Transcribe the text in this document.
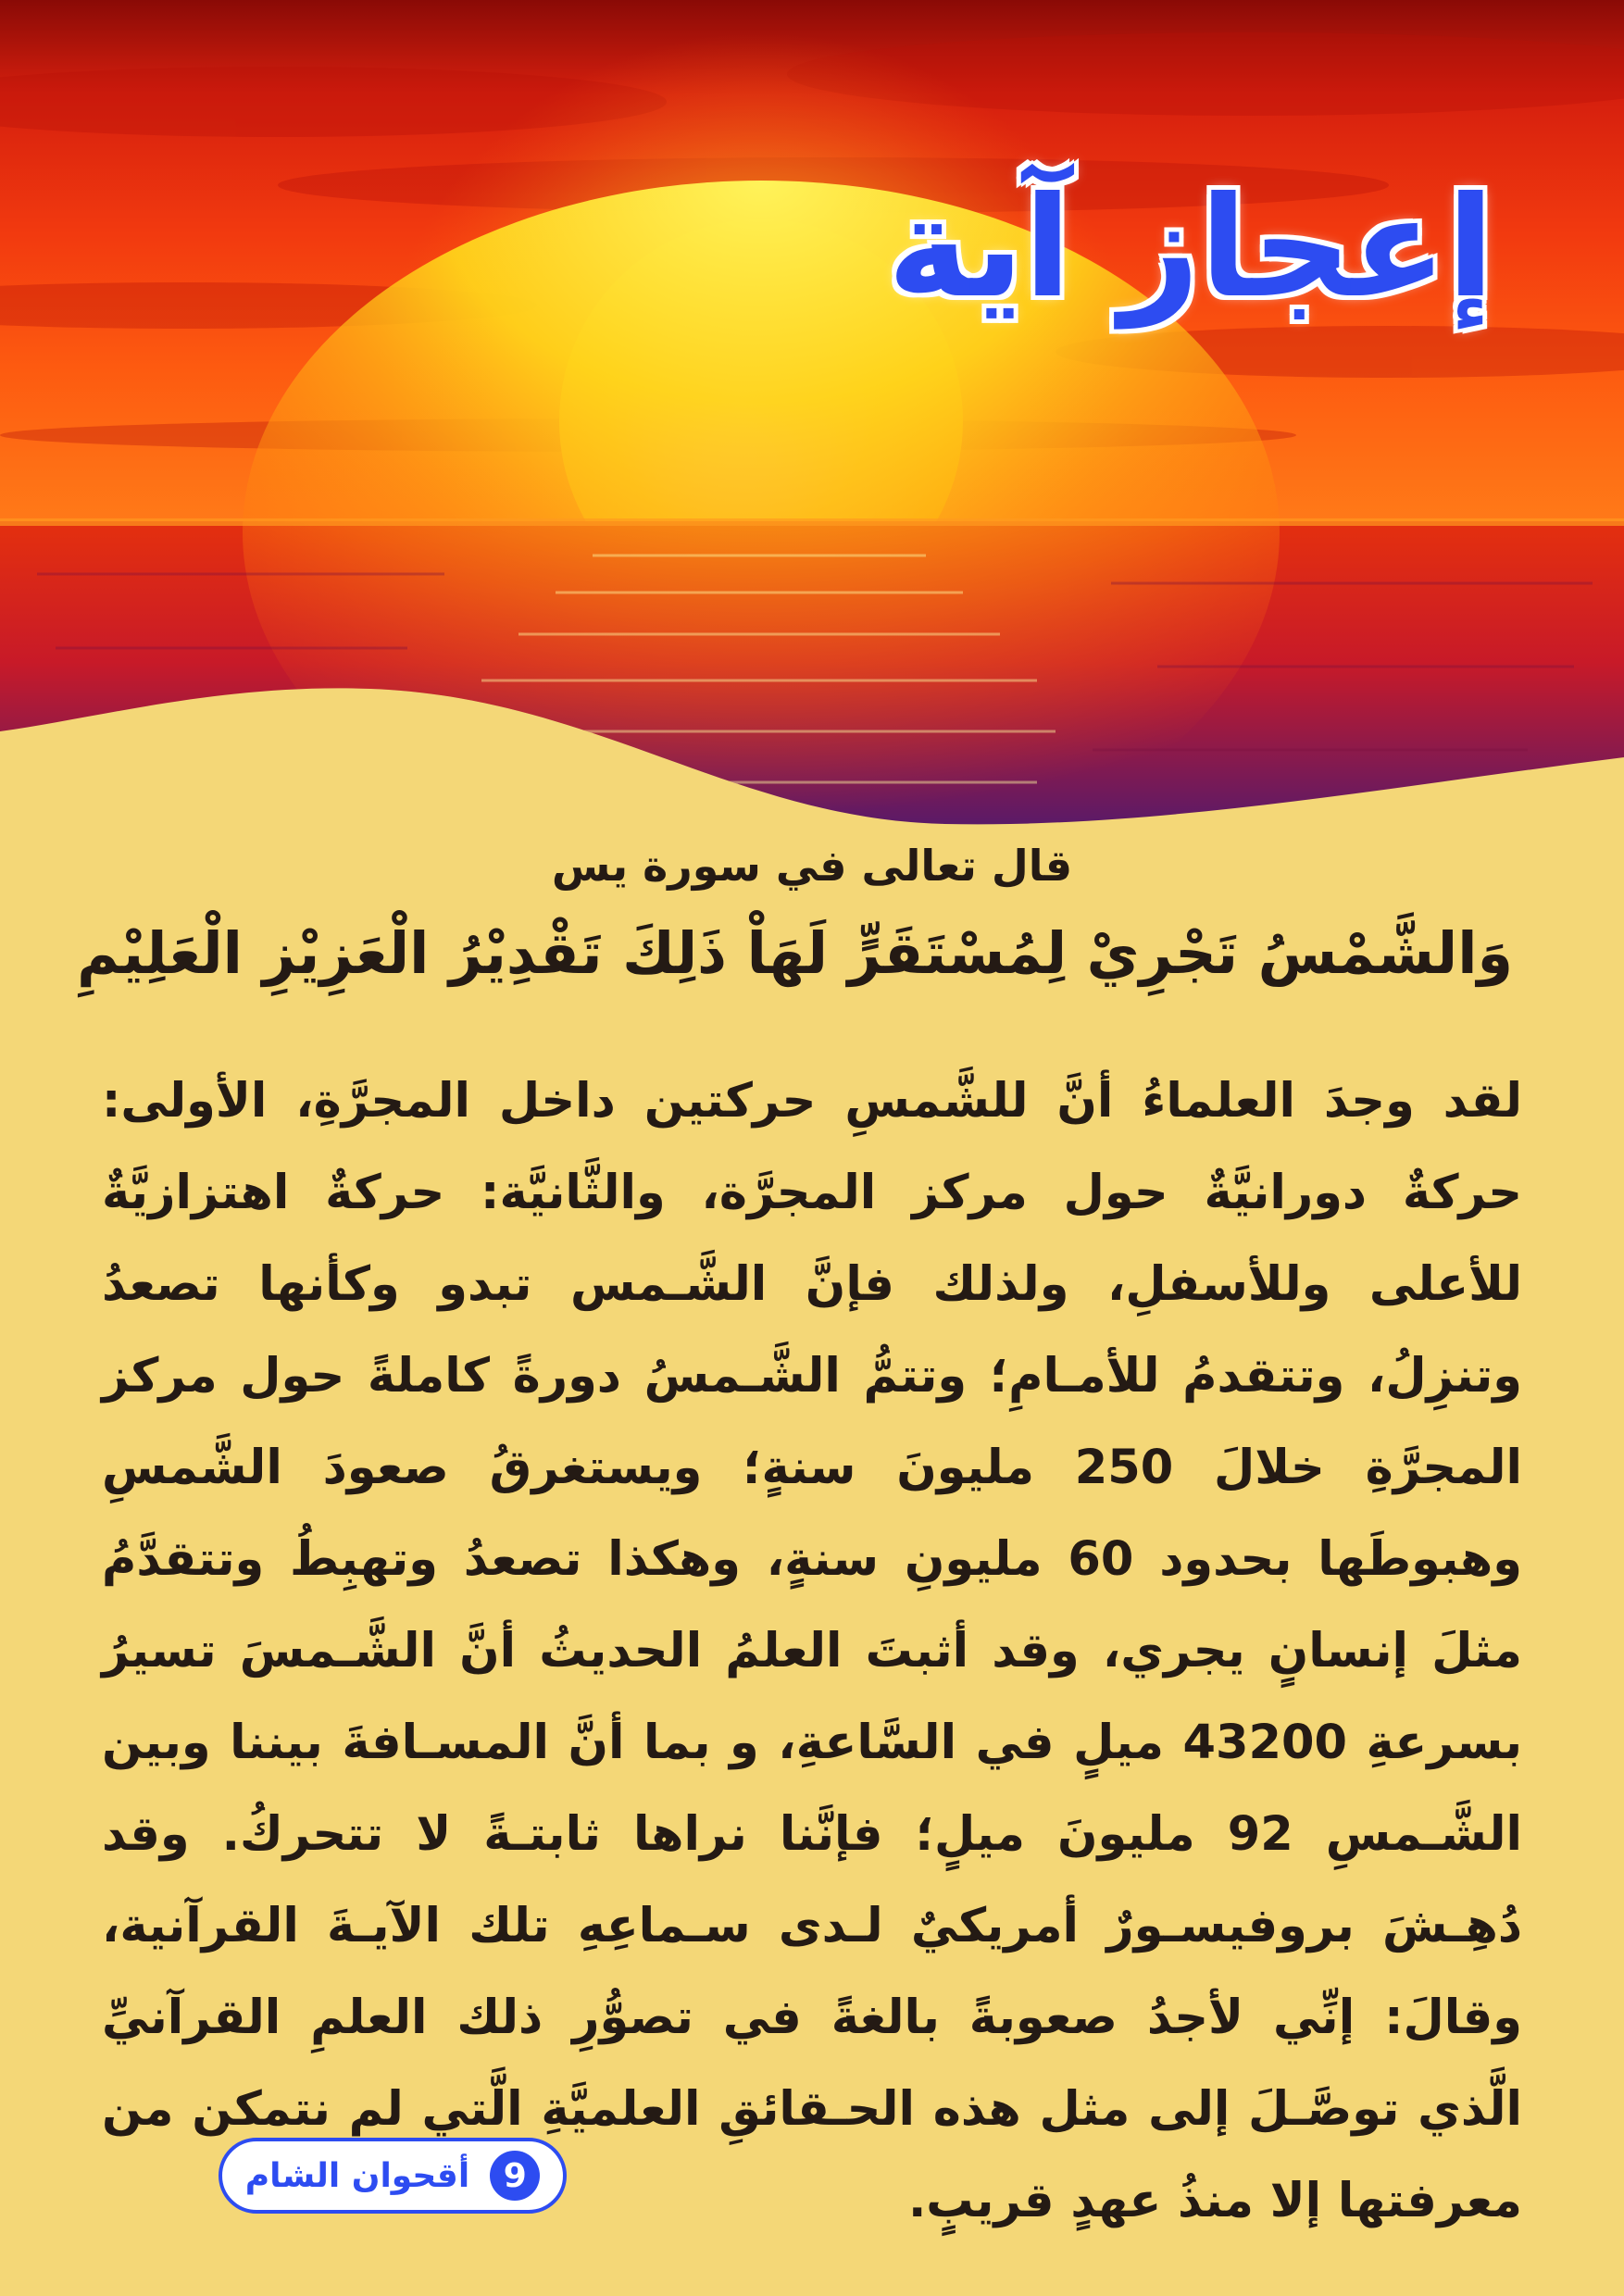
إعجاز آية
قال تعالى في سورة يس
وَالشَّمْسُ تَجْرِيْ لِمُسْتَقَرٍّ لَهَاْ ذَلِكَ تَقْدِيْرُ الْعَزِيْزِ الْعَلِيْمِ
لقد وجدَ العلماءُ أنَّ للشَّمسِ حركتين داخل المجرَّةِ، الأولى: حركةٌ دورانيَّةٌ حول مركز المجرَّة، والثَّانيَّة: حركةٌ اهتزازيَّةٌ للأعلى وللأسفلِ، ولذلك فإنَّ الشَّـمس تبدو وكأنها تصعدُ وتنزِلُ، وتتقدمُ للأمـامِ؛ وتتمُّ الشَّـمسُ دورةً كاملةً حول مركز المجرَّةِ خلالَ 250 مليونَ سنةٍ؛ ويستغرقُ صعودَ الشَّمسِ وهبوطَها بحدود 60 مليونِ سنةٍ، وهكذا تصعدُ وتهبِطُ وتتقدَّمُ مثلَ إنسانٍ يجري، وقد أثبتَ العلمُ الحديثُ أنَّ الشَّـمسَ تسيرُ بسرعةِ 43200 ميلٍ في السَّاعةِ، و بما أنَّ المسـافةَ بيننا وبين الشَّـمسِ 92 مليونَ ميلٍ؛ فإنَّنا نراها ثابتـةً لا تتحركُ. وقد دُهِـشَ بروفيسـورٌ أمريكيٌ لـدى سـماعِهِ تلك الآيـةَ القرآنية، وقالَ: إنِّي لأجدُ صعوبةً بالغةً في تصوُّرِ ذلك العلمِ القرآنيِّ الَّذي توصَّـلَ إلى مثل هذه الحـقائقِ العلميَّةِ الَّتي لم نتمكن من معرفتها إلا منذُ عهدٍ قريبٍ.
9
أقحوان الشام
